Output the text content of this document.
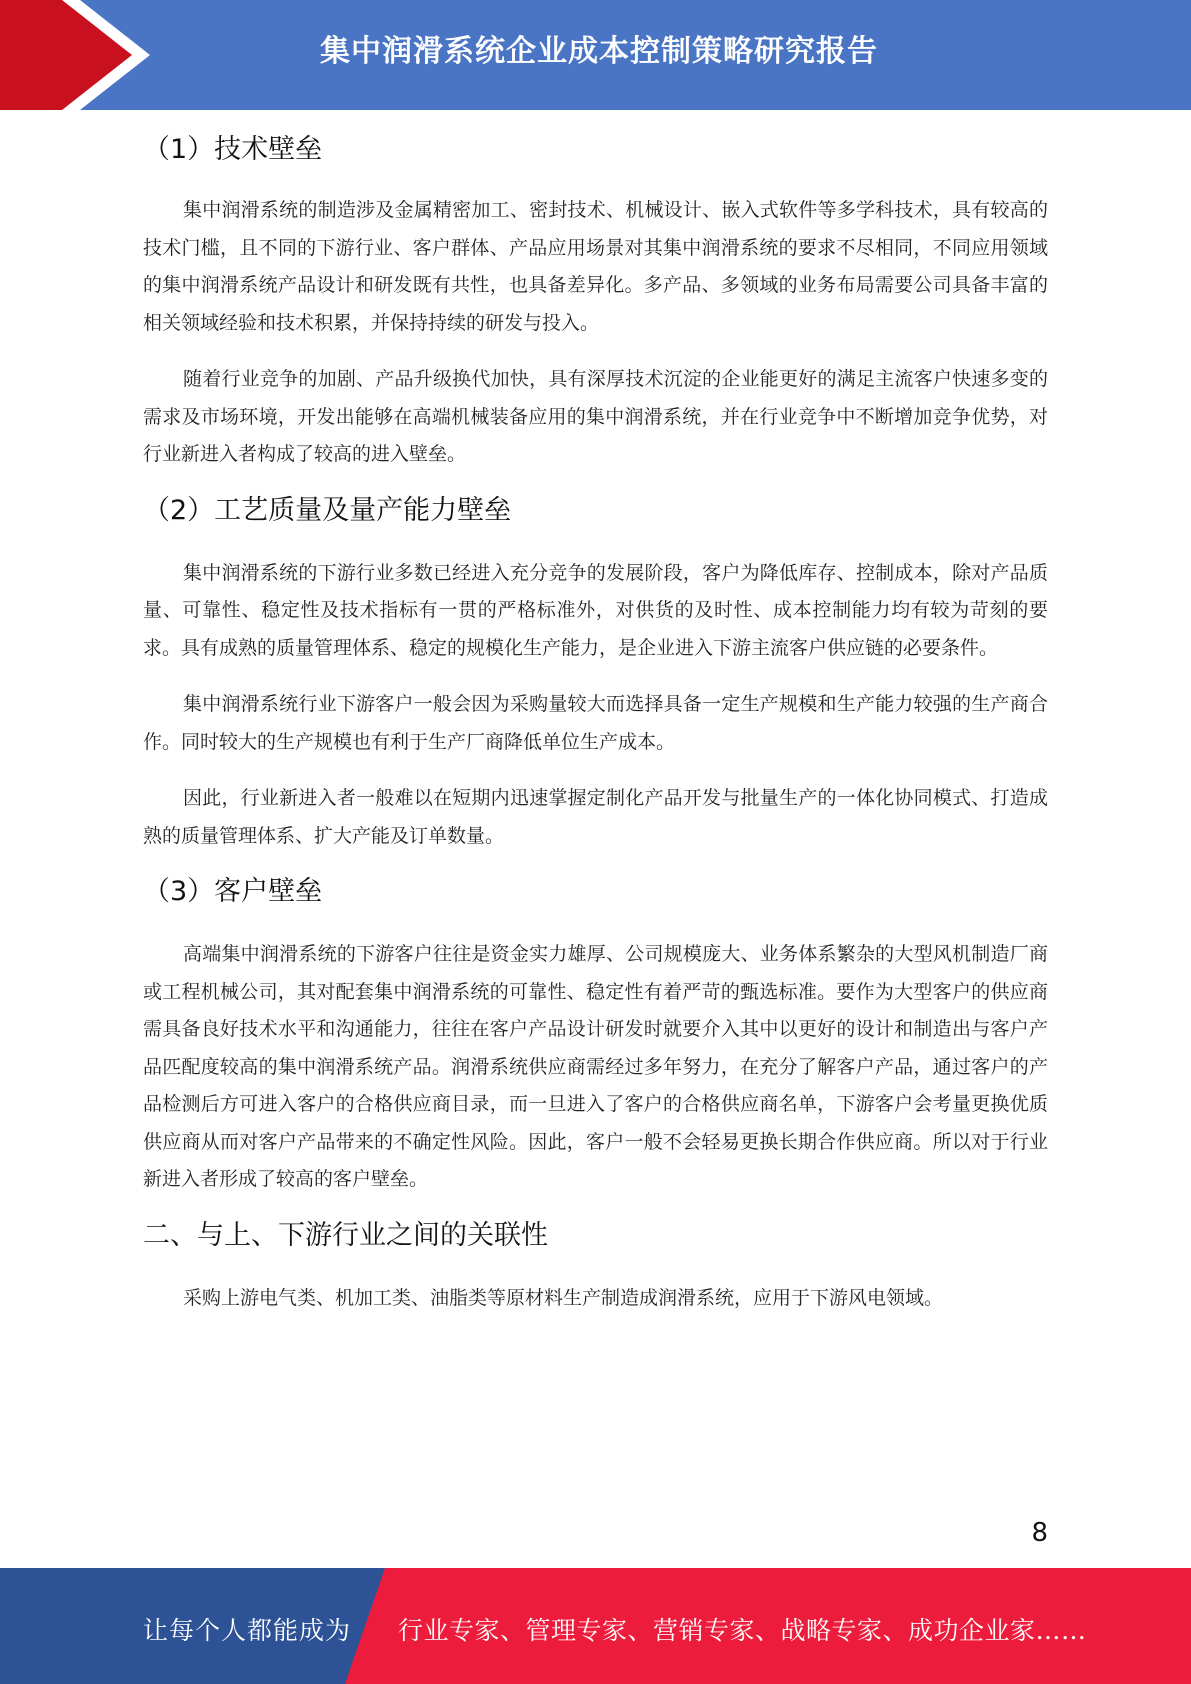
集中润滑系统企业成本控制策略研究报告
（1）技术壁垒

集中润滑系统的制造涉及金属精密加工、密封技术、机械设计、嵌入式软件等多学科技术，具有较高的技术门槛，且不同的下游行业、客户群体、产品应用场景对其集中润滑系统的要求不尽相同，不同应用领域的集中润滑系统产品设计和研发既有共性，也具备差异化。多产品、多领域的业务布局需要公司具备丰富的相关领域经验和技术积累，并保持持续的研发与投入。

随着行业竞争的加剧、产品升级换代加快，具有深厚技术沉淀的企业能更好的满足主流客户快速多变的需求及市场环境，开发出能够在高端机械装备应用的集中润滑系统，并在行业竞争中不断增加竞争优势，对行业新进入者构成了较高的进入壁垒。

（2）工艺质量及量产能力壁垒

集中润滑系统的下游行业多数已经进入充分竞争的发展阶段，客户为降低库存、控制成本，除对产品质量、可靠性、稳定性及技术指标有一贯的严格标准外，对供货的及时性、成本控制能力均有较为苛刻的要求。具有成熟的质量管理体系、稳定的规模化生产能力，是企业进入下游主流客户供应链的必要条件。

集中润滑系统行业下游客户一般会因为采购量较大而选择具备一定生产规模和生产能力较强的生产商合作。同时较大的生产规模也有利于生产厂商降低单位生产成本。

因此，行业新进入者一般难以在短期内迅速掌握定制化产品开发与批量生产的一体化协同模式、打造成熟的质量管理体系、扩大产能及订单数量。

（3）客户壁垒

高端集中润滑系统的下游客户往往是资金实力雄厚、公司规模庞大、业务体系繁杂的大型风机制造厂商或工程机械公司，其对配套集中润滑系统的可靠性、稳定性有着严苛的甄选标准。要作为大型客户的供应商需具备良好技术水平和沟通能力，往往在客户产品设计研发时就要介入其中以更好的设计和制造出与客户产品匹配度较高的集中润滑系统产品。润滑系统供应商需经过多年努力，在充分了解客户产品，通过客户的产品检测后方可进入客户的合格供应商目录，而一旦进入了客户的合格供应商名单，下游客户会考量更换优质供应商从而对客户产品带来的不确定性风险。因此，客户一般不会轻易更换长期合作供应商。所以对于行业新进入者形成了较高的客户壁垒。

二、与上、下游行业之间的关联性

采购上游电气类、机加工类、油脂类等原材料生产制造成润滑系统，应用于下游风电领域。

8
让每个人都能成为 行业专家、管理专家、营销专家、战略专家、成功企业家……
